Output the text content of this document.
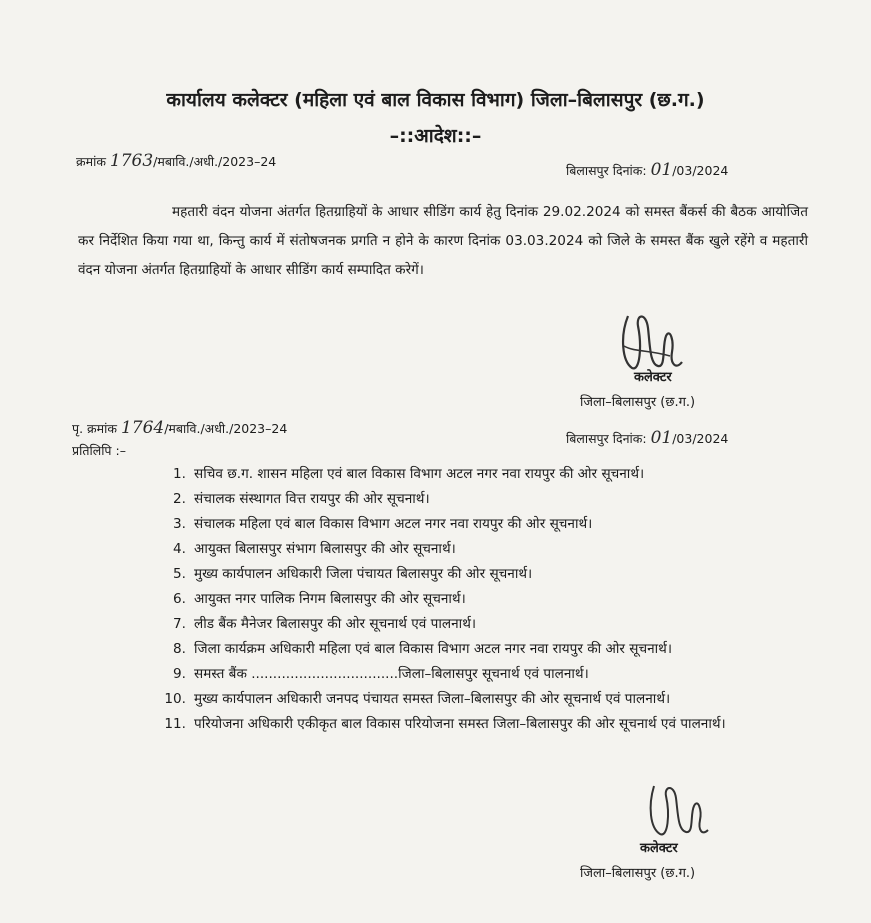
कार्यालय कलेक्टर (महिला एवं बाल विकास विभाग) जिला–बिलासपुर (छ.ग.)
–::आदेश::–
क्रमांक 1763/मबावि./अधी./2023–24
बिलासपुर दिनांक: 01/03/2024
महतारी वंदन योजना अंतर्गत हितग्राहियों के आधार सीडिंग कार्य हेतु दिनांक 29.02.2024 को समस्त बैंकर्स की बैठक आयोजित कर निर्देशित किया गया था, किन्तु कार्य में संतोषजनक प्रगति न होने के कारण दिनांक 03.03.2024 को जिले के समस्त बैंक खुले रहेंगे व महतारी वंदन योजना अंतर्गत हितग्राहियों के आधार सीडिंग कार्य सम्पादित करेगें।
कलेक्टर
जिला–बिलासपुर (छ.ग.)
पृ. क्रमांक 1764/मबावि./अधी./2023–24
बिलासपुर दिनांक: 01/03/2024
प्रतिलिपि :–
1. सचिव छ.ग. शासन महिला एवं बाल विकास विभाग अटल नगर नवा रायपुर की ओर सूचनार्थ।
2. संचालक संस्थागत वित्त रायपुर की ओर सूचनार्थ।
3. संचालक महिला एवं बाल विकास विभाग अटल नगर नवा रायपुर की ओर सूचनार्थ।
4. आयुक्त बिलासपुर संभाग बिलासपुर की ओर सूचनार्थ।
5. मुख्य कार्यपालन अधिकारी जिला पंचायत बिलासपुर की ओर सूचनार्थ।
6. आयुक्त नगर पालिक निगम बिलासपुर की ओर सूचनार्थ।
7. लीड बैंक मैनेजर बिलासपुर की ओर सूचनार्थ एवं पालनार्थ।
8. जिला कार्यक्रम अधिकारी महिला एवं बाल विकास विभाग अटल नगर नवा रायपुर की ओर सूचनार्थ।
9. समस्त बैंक ..................................जिला–बिलासपुर सूचनार्थ एवं पालनार्थ।
10. मुख्य कार्यपालन अधिकारी जनपद पंचायत समस्त जिला–बिलासपुर की ओर सूचनार्थ एवं पालनार्थ।
11. परियोजना अधिकारी एकीकृत बाल विकास परियोजना समस्त जिला–बिलासपुर की ओर सूचनार्थ एवं पालनार्थ।
कलेक्टर
जिला–बिलासपुर (छ.ग.)
